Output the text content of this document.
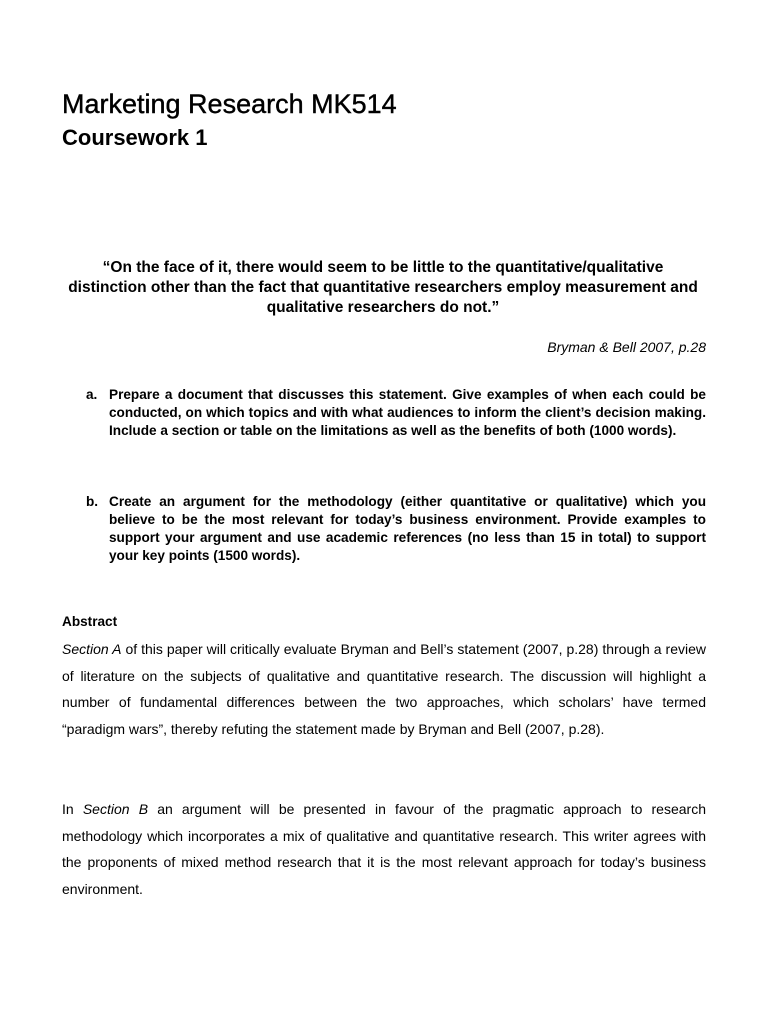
Marketing Research MK514
Coursework 1

“On the face of it, there would seem to be little to the quantitative/qualitative distinction other than the fact that quantitative researchers employ measurement and qualitative researchers do not.”

Bryman & Bell 2007, p.28

a. Prepare a document that discusses this statement. Give examples of when each could be conducted, on which topics and with what audiences to inform the client’s decision making. Include a section or table on the limitations as well as the benefits of both (1000 words).
b. Create an argument for the methodology (either quantitative or qualitative) which you believe to be the most relevant for today’s business environment. Provide examples to support your argument and use academic references (no less than 15 in total) to support your key points (1500 words).

Abstract

Section A of this paper will critically evaluate Bryman and Bell’s statement (2007, p.28) through a review of literature on the subjects of qualitative and quantitative research. The discussion will highlight a number of fundamental differences between the two approaches, which scholars’ have termed “paradigm wars”, thereby refuting the statement made by Bryman and Bell (2007, p.28).

In Section B an argument will be presented in favour of the pragmatic approach to research methodology which incorporates a mix of qualitative and quantitative research. This writer agrees with the proponents of mixed method research that it is the most relevant approach for today’s business environment.
